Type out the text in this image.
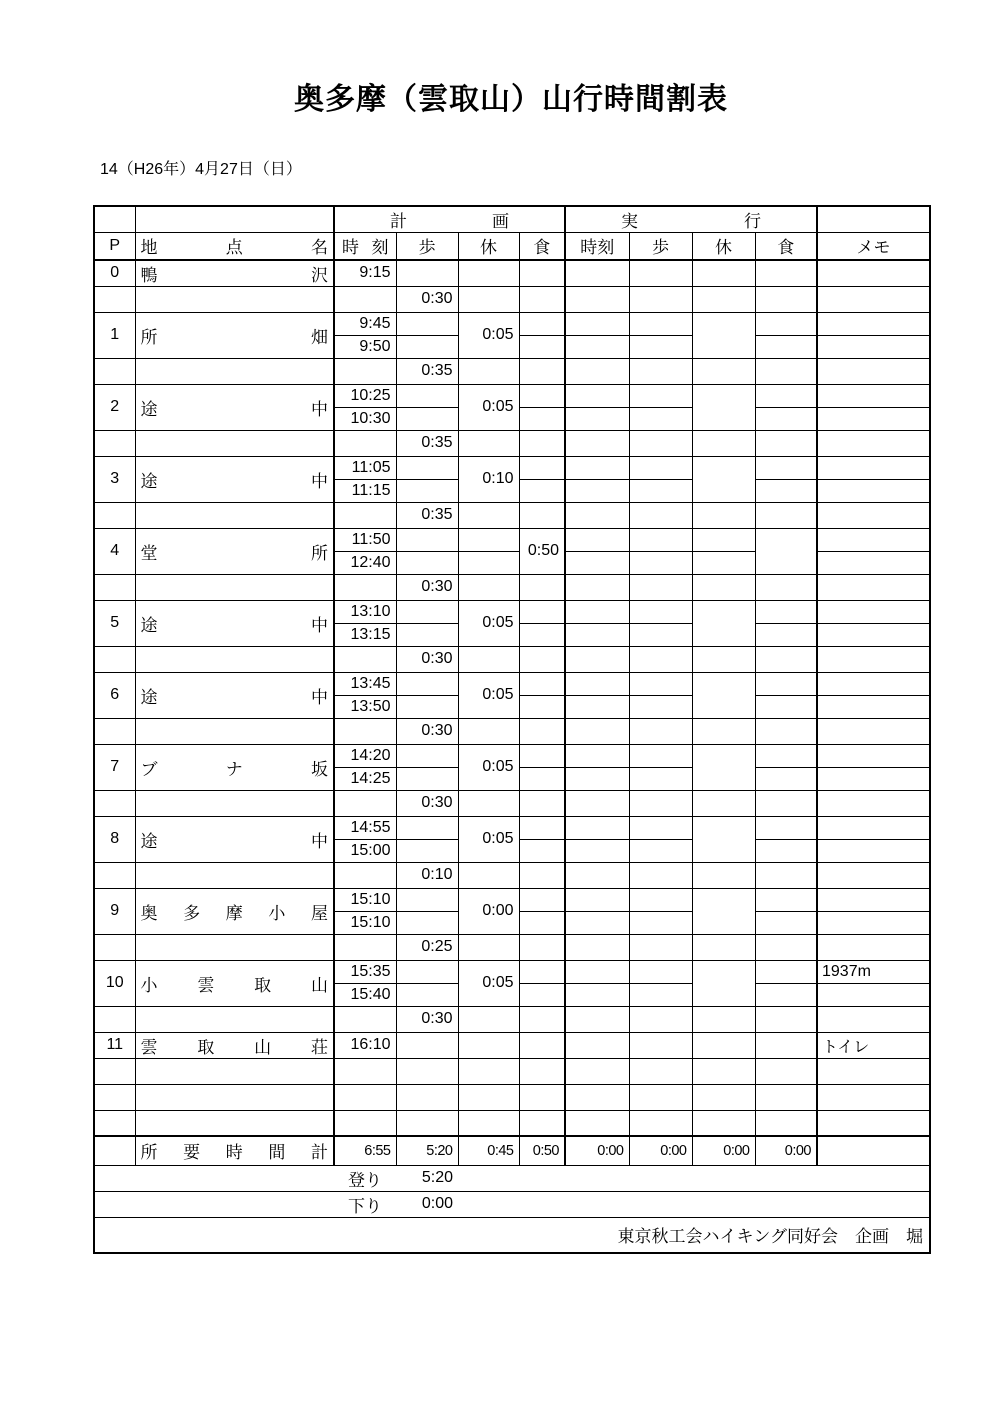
奥多摩（雲取山）山行時間割表
14（H26年）4月27日（日）

		計 画				実 行				

P	地 点 名	時 刻	歩	休	食	時刻	歩	休	食	メモ
0	鴨 沢	9:15								
			0:30							
1	所 畑	9:45		0:05						
		9:50								
			0:35							
2	途 中	10:25		0:05						
		10:30								
			0:35							
3	途 中	11:05		0:10						
		11:15								
			0:35							
4	堂 所	11:50			0:50					
		12:40								
			0:30							
5	途 中	13:10		0:05						
		13:15								
			0:30							
6	途 中	13:45		0:05						
		13:50								
			0:30							
7	ブ ナ 坂	14:20		0:05						
		14:25								
			0:30							
8	途 中	14:55		0:05						
		15:00								
			0:10							
9	奥 多 摩 小 屋	15:10		0:00						
		15:10								
			0:25							
10	小 雲 取 山	15:35		0:05						1937m
		15:40								
			0:30							
11	雲 取 山 荘	16:10								トイレ

	所 要 時 間 計	6:55	5:20	0:45	0:50	0:00	0:00	0:00	0:00	
		登り	5:20							
		下り	0:00							
東京秋工会ハイキング同好会　企画　堀										
